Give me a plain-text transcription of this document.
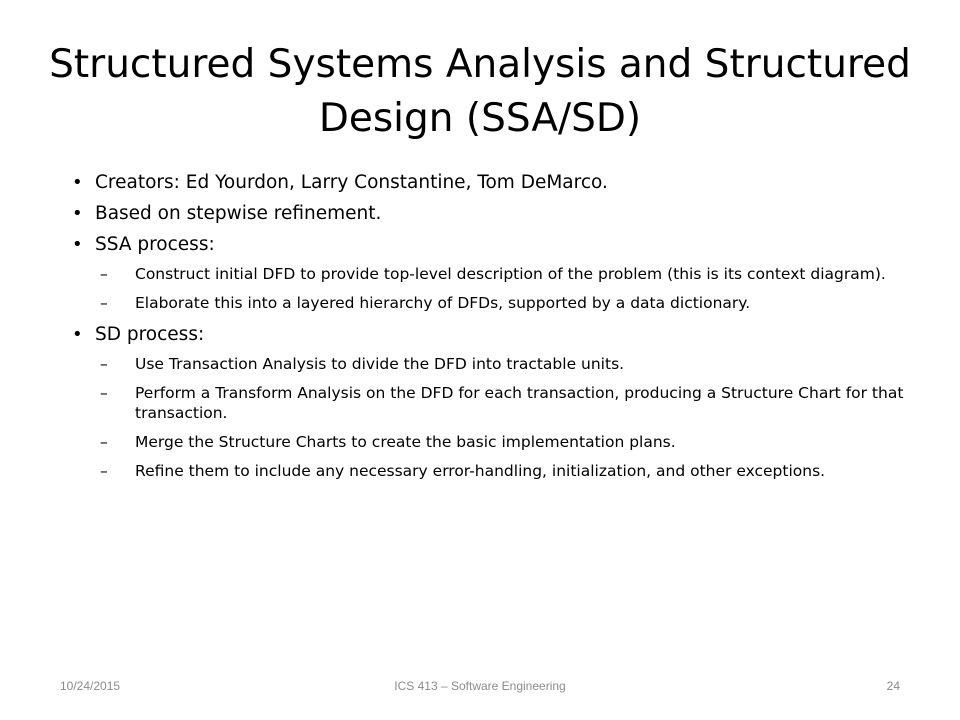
Structured Systems Analysis and Structured Design (SSA/SD)
• Creators: Ed Yourdon, Larry Constantine, Tom DeMarco.
• Based on stepwise refinement.
• SSA process:
– Construct initial DFD to provide top-level description of the problem (this is its context diagram).
– Elaborate this into a layered hierarchy of DFDs, supported by a data dictionary.
• SD process:
– Use Transaction Analysis to divide the DFD into tractable units.
– Perform a Transform Analysis on the DFD for each transaction, producing a Structure Chart for that transaction.
– Merge the Structure Charts to create the basic implementation plans.
– Refine them to include any necessary error-handling, initialization, and other exceptions.
10/24/2015	ICS 413 – Software Engineering	24
